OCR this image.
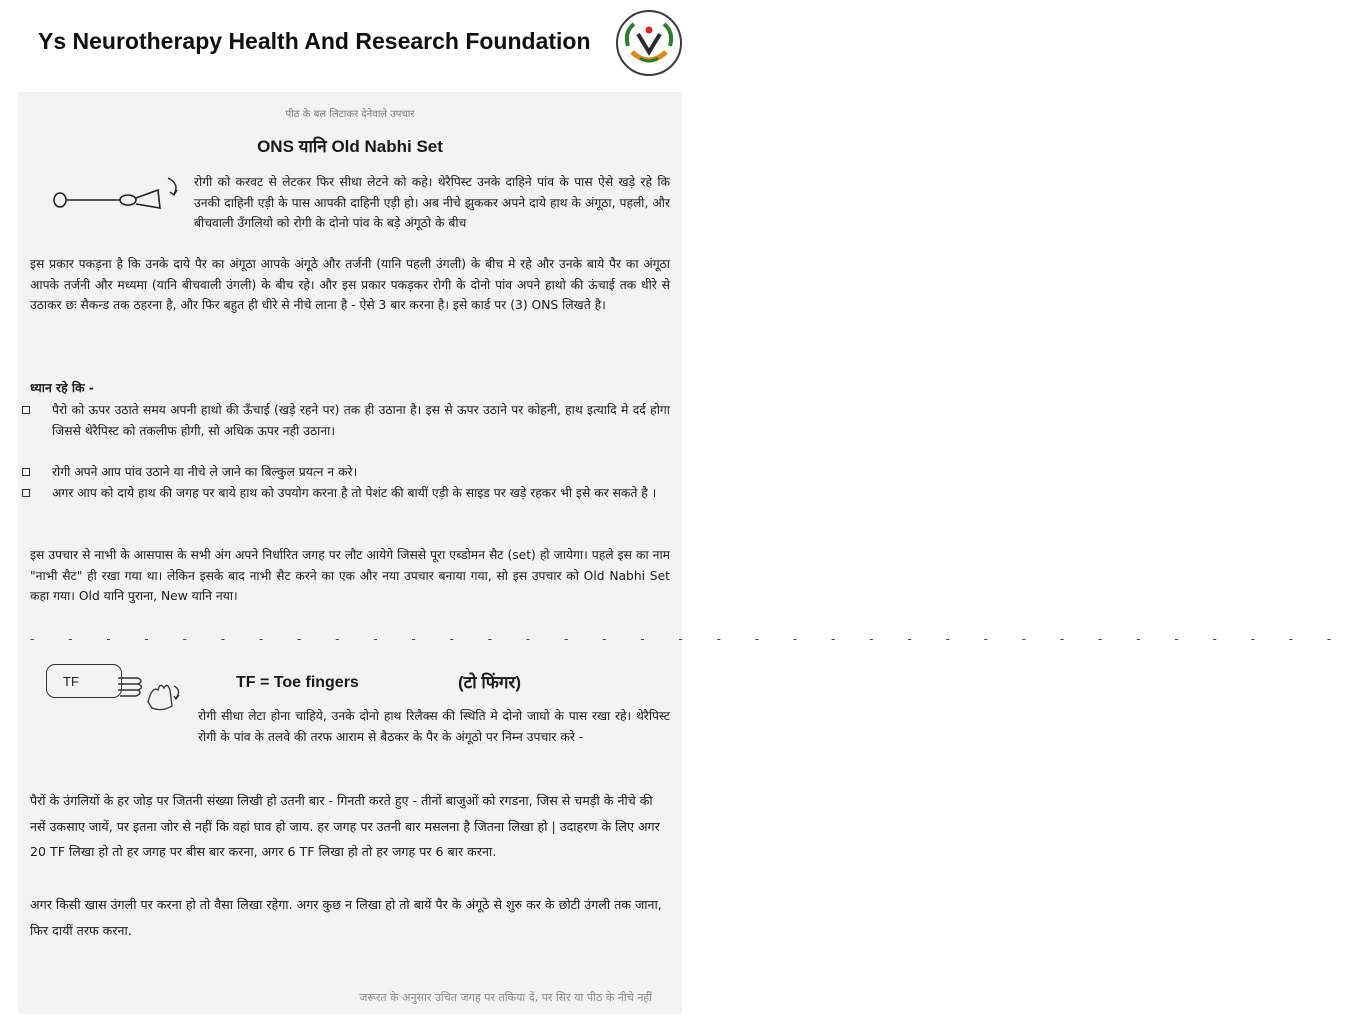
Ys Neurotherapy Health And Research Foundation
पीठ के बल लिटाकर देनेवाले उपचार
ONS यानि Old Nabhi Set

रोगी को करवट से लेटकर फिर सीधा लेटने को कहे। थेरैपिस्ट उनके दाहिने पांव के पास ऐसे खड़े रहे कि उनकी दाहिनी एड़ी के पास आपकी दाहिनी एड़ी हो। अब नीचे झुककर अपने दाये हाथ के अंगूठा, पहली, और बीचवाली उँगलियो को रोगी के दोनो पांव के बड़े अंगूठो के बीच

इस प्रकार पकड़ना है कि उनके दाये पैर का अंगूठा आपके अंगूठे और तर्जनी (यानि पहली उंगली) के बीच मे रहे और उनके बाये पैर का अंगूठा आपके तर्जनी और मध्यमा (यानि बीचवाली उंगली) के बीच रहे। और इस प्रकार पकड़कर रोगी के दोनो पांव अपने हाथो की ऊंचाई तक धीरे से उठाकर छः सैकन्ड तक ठहरना है, और फिर बहुत ही धीरे से नीचे लाना है - ऐसे 3 बार करना है। इसे कार्ड पर (3) ONS लिखते है।

ध्यान रहे कि -
पैरो को ऊपर उठाते समय अपनी हाथो की ऊँचाई (खड़े रहने पर) तक ही उठाना है। इस से ऊपर उठाने पर कोहनी, हाथ इत्यादि मे दर्द होगा जिससे थेरैपिस्ट को तकलीफ होगी, सो अधिक ऊपर नही उठाना।
रोगी अपने आप पांव उठाने या नीचे ले जाने का बिल्कुल प्रयत्न न करे।
अगर आप को दाये हाथ की जगह पर बाये हाथ को उपयोग करना है तो पेशंट की बायीं एड़ी के साइड पर खड़े रहकर भी इसे कर सकते है ।

इस उपचार से नाभी के आसपास के सभी अंग अपने निर्धारित जगह पर लौट आयेगे जिससे पूरा एब्डोमन सैट (set) हो जायेगा। पहले इस का नाम "नाभी सैट" ही रखा गया था। लेकिन इसके बाद नाभी सैट करने का एक और नया उपचार बनाया गया, सो इस उपचार को Old Nabhi Set कहा गया। Old यानि पुराना, New यानि नया।

- - - - - - - - - - - - - - - - - - - - - - - - - - - - - - - - - - -
TF	TF = Toe fingers	(टो फिंगर)

रोगी सीधा लेटा होना चाहिये, उनके दोनो हाथ रिलैक्स की स्थिति मे दोनो जाघो के पास रखा रहे। थेरैपिस्ट रोगी के पांव के तलवे की तरफ आराम से बैठकर के पैर के अंगूठो पर निम्न उपचार करे -

पैरों के उंगलियों के हर जोड़ पर जितनी संख्या लिखी हो उतनी बार - गिनती करते हुए - तीनों बाजुओं को रगडना, जिस से चमड़ी के नीचे की नसें उकसाए जायें, पर इतना जोर से नहीं कि वहां घाव हो जाय. हर जगह पर उतनी बार मसलना है जितना लिखा हो | उदाहरण के लिए अगर 20 TF लिखा हो तो हर जगह पर बीस बार करना, अगर 6 TF लिखा हो तो हर जगह पर 6 बार करना.

अगर किसी खास उंगली पर करना हो तो वैसा लिखा रहेगा. अगर कुछ न लिखा हो तो बायें पैर के अंगूठे से शुरु कर के छोटी उंगली तक जाना, फिर दायीं तरफ करना.

जरूरत के अनुसार उचित जगह पर तकिया दें, पर सिर या पीठ के नीचे नहीं
